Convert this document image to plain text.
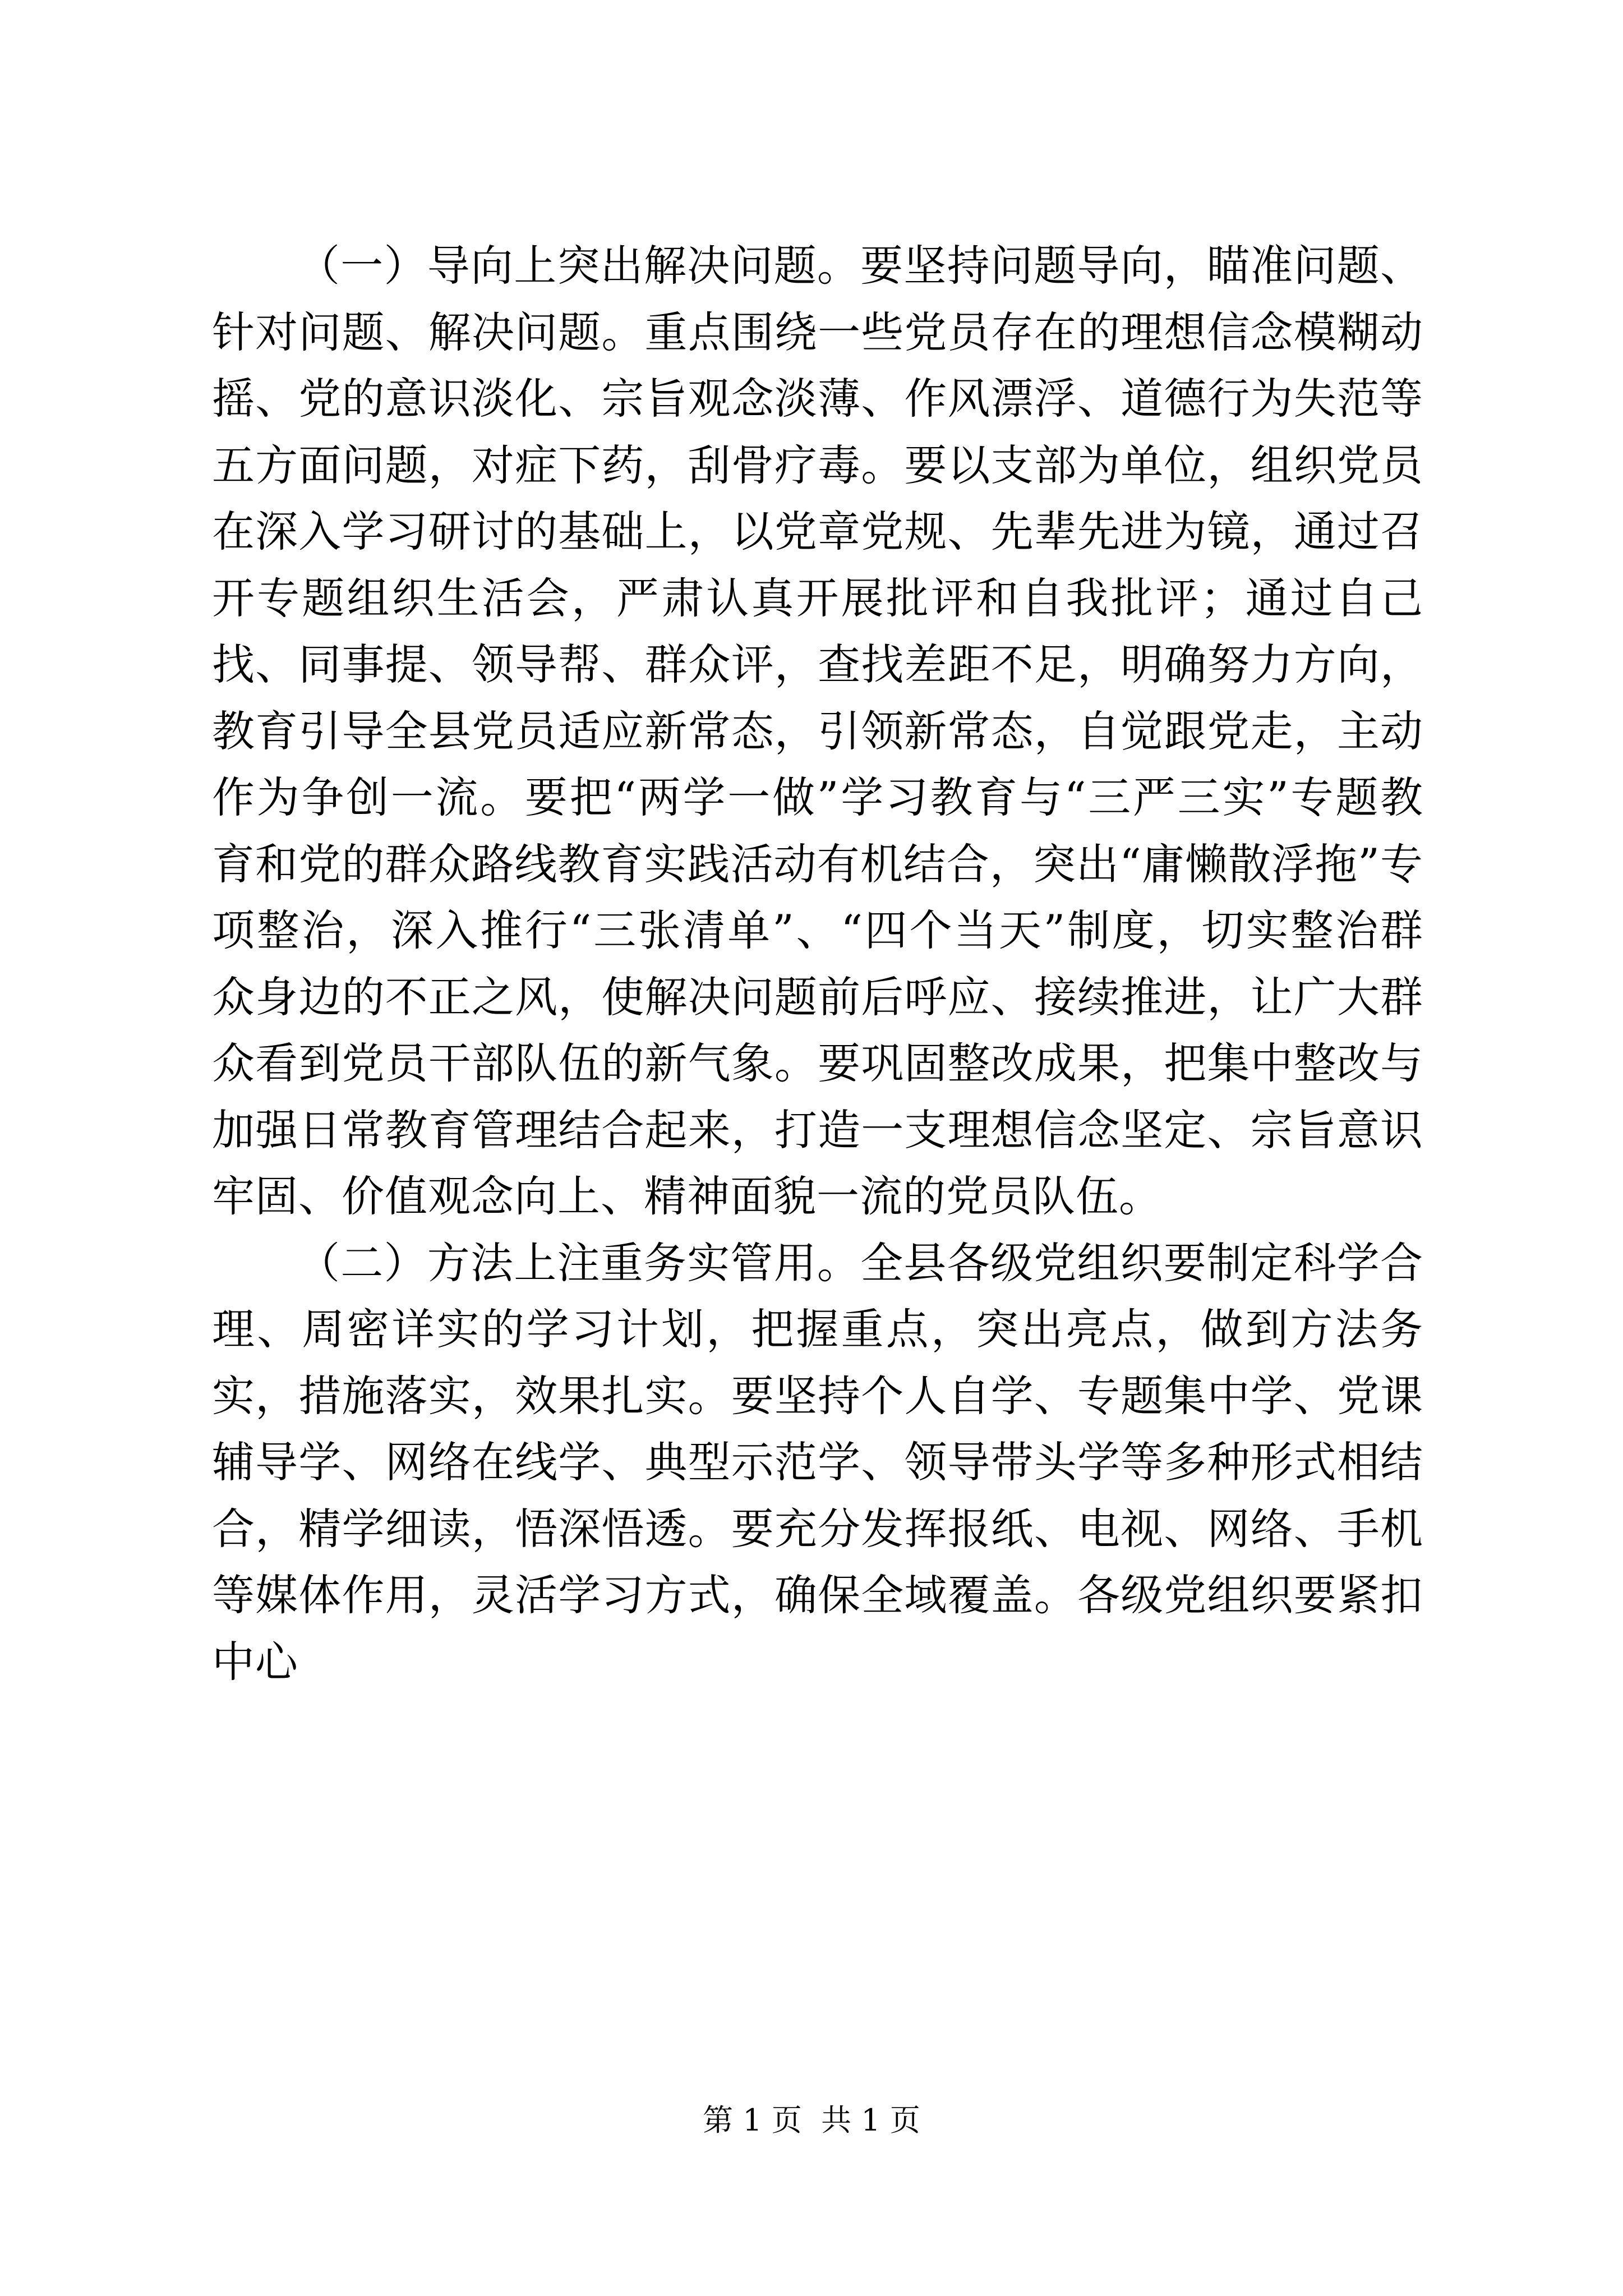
（一）导向上突出解决问题。要坚持问题导向，瞄准问题、针对问题、解决问题。重点围绕一些党员存在的理想信念模糊动摇、党的意识淡化、宗旨观念淡薄、作风漂浮、道德行为失范等五方面问题，对症下药，刮骨疗毒。要以支部为单位，组织党员在深入学习研讨的基础上，以党章党规、先辈先进为镜，通过召开专题组织生活会，严肃认真开展批评和自我批评；通过自己找、同事提、领导帮、群众评，查找差距不足，明确努力方向，教育引导全县党员适应新常态，引领新常态，自觉跟党走，主动作为争创一流。要把“两学一做”学习教育与“三严三实”专题教育和党的群众路线教育实践活动有机结合，突出“庸懒散浮拖”专项整治，深入推行“三张清单”、“四个当天”制度，切实整治群众身边的不正之风，使解决问题前后呼应、接续推进，让广大群众看到党员干部队伍的新气象。要巩固整改成果，把集中整改与加强日常教育管理结合起来，打造一支理想信念坚定、宗旨意识牢固、价值观念向上、精神面貌一流的党员队伍。

（二）方法上注重务实管用。全县各级党组织要制定科学合理、周密详实的学习计划，把握重点，突出亮点，做到方法务实，措施落实，效果扎实。要坚持个人自学、专题集中学、党课辅导学、网络在线学、典型示范学、领导带头学等多种形式相结合，精学细读，悟深悟透。要充分发挥报纸、电视、网络、手机等媒体作用，灵活学习方式，确保全域覆盖。各级党组织要紧扣中心

第 1 页  共 1 页
